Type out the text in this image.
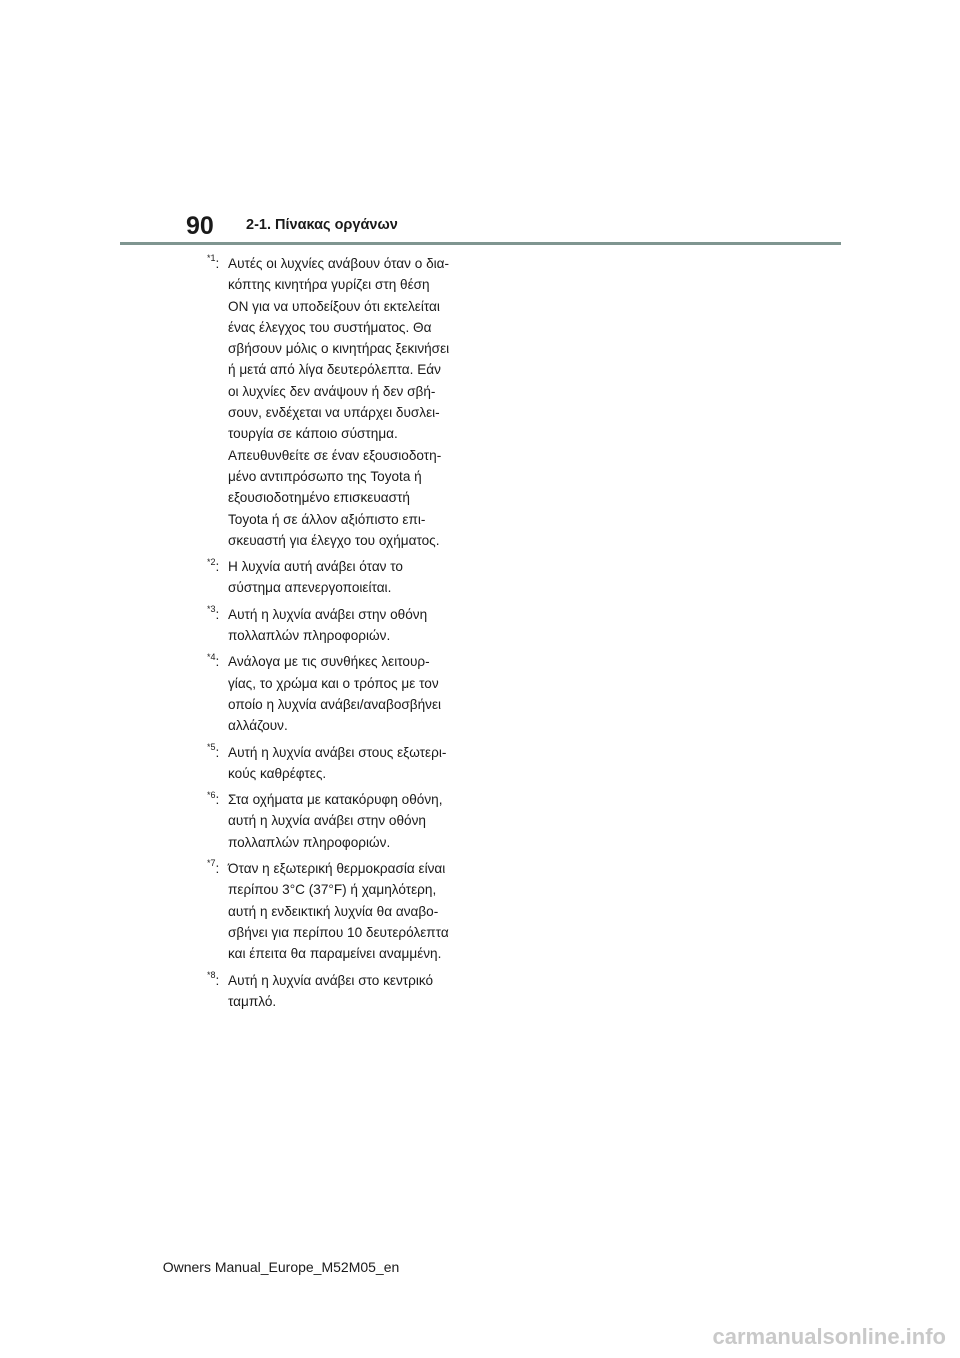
90 2-1. Πίνακας οργάνων
$^{*1}$: Αυτές οι λυχνίες ανάβουν όταν ο δια-
κόπτης κινητήρα γυρίζει στη θέση
ON για να υποδείξουν ότι εκτελείται
ένας έλεγχος του συστήματος. Θα
σβήσουν μόλις ο κινητήρας ξεκινήσει
ή μετά από λίγα δευτερόλεπτα. Εάν
οι λυχνίες δεν ανάψουν ή δεν σβή-
σουν, ενδέχεται να υπάρχει δυσλει-
τουργία σε κάποιο σύστημα.
Απευθυνθείτε σε έναν εξουσιοδοτη-
μένο αντιπρόσωπο της Toyota ή
εξουσιοδοτημένο επισκευαστή
Toyota ή σε άλλον αξιόπιστο επι-
σκευαστή για έλεγχο του οχήματος.
$^{*2}$: Η λυχνία αυτή ανάβει όταν το
σύστημα απενεργοποιείται.
$^{*3}$: Αυτή η λυχνία ανάβει στην οθόνη
πολλαπλών πληροφοριών.
$^{*4}$: Ανάλογα με τις συνθήκες λειτουρ-
γίας, το χρώμα και ο τρόπος με τον
οποίο η λυχνία ανάβει/αναβοσβήνει
αλλάζουν.
$^{*5}$: Αυτή η λυχνία ανάβει στους εξωτερι-
κούς καθρέφτες.
$^{*6}$: Στα οχήματα με κατακόρυφη οθόνη,
αυτή η λυχνία ανάβει στην οθόνη
πολλαπλών πληροφοριών.
$^{*7}$: Όταν η εξωτερική θερμοκρασία είναι
περίπου 3°C (37°F) ή χαμηλότερη,
αυτή η ενδεικτική λυχνία θα αναβο-
σβήνει για περίπου 10 δευτερόλεπτα
και έπειτα θα παραμείνει αναμμένη.
$^{*8}$: Αυτή η λυχνία ανάβει στο κεντρικό
ταμπλό.
Owners Manual_Europe_M52M05_en
carmanualsonline.info
